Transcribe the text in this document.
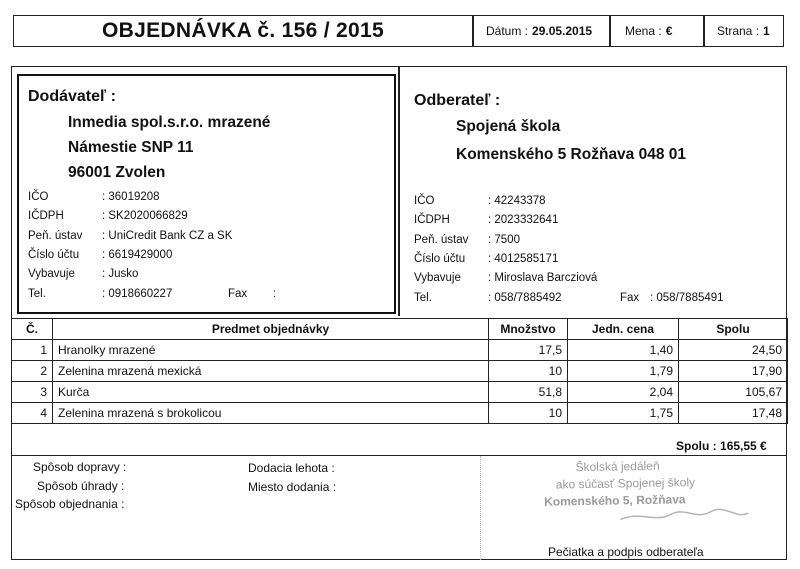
OBJEDNÁVKA č. 156 / 2015	Dátum : 29.05.2015	Mena : €	Strana : 1
Dodávateľ :
Inmedia spol.s.r.o. mrazené
Námestie SNP 11
96001 Zvolen
IČO	: 36019208
IČDPH	: SK2020066829
Peň. ústav : UniCredit Bank CZ a SK
Číslo účtu : 6619429000
Vybavuje : Jusko
Tel.	: 0918660227	Fax :
Odberateľ :
Spojená škola
Komenského 5 Rožňava 048 01
IČO	: 42243378
IČDPH	: 2023332641
Peň. ústav : 7500
Číslo účtu : 4012585171
Vybavuje : Miroslava Barcziová
Tel.	: 058/7885492	Fax : 058/7885491
Č.	Predmet objednávky	Množstvo	Jedn. cena	Spolu
1	Hranolky mrazené	17,5	1,40	24,50
2	Zelenina mrazená mexická	10	1,79	17,90
3	Kurča	51,8	2,04	105,67
4	Zelenina mrazená s brokolicou	10	1,75	17,48
Spolu : 165,55 €
Spôsob dopravy :
Spôsob úhrady :
Spôsob objednania :
Dodacia lehota :
Miesto dodania :
Školská jedáleň
ako súčasť Spojenej školy
Komenského 5, Rožňava
Pečiatka a podpis odberateľa
